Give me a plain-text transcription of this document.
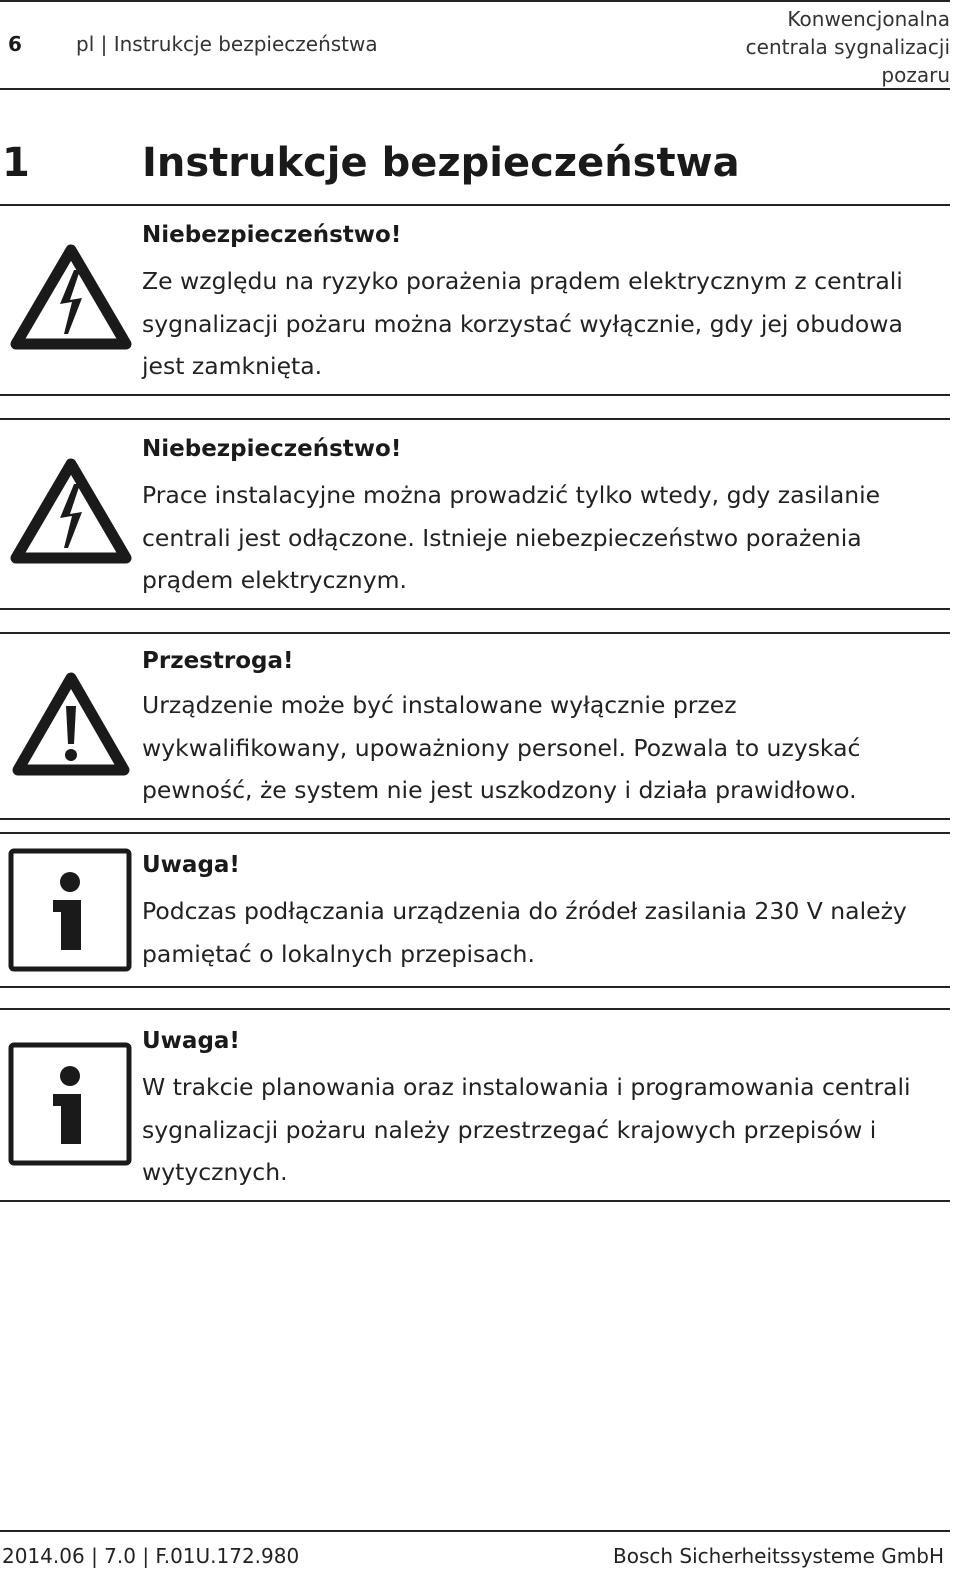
6	pl | Instrukcje bezpieczeństwa
Konwencjonalna
centrala sygnalizacji
pozaru
1	Instrukcje bezpieczeństwa
Niebezpieczeństwo!
Ze względu na ryzyko porażenia prądem elektrycznym z centrali sygnalizacji pożaru można korzystać wyłącznie, gdy jej obudowa jest zamknięta.
Niebezpieczeństwo!
Prace instalacyjne można prowadzić tylko wtedy, gdy zasilanie centrali jest odłączone. Istnieje niebezpieczeństwo porażenia prądem elektrycznym.
Przestroga!
Urządzenie może być instalowane wyłącznie przez wykwalifikowany, upoważniony personel. Pozwala to uzyskać pewność, że system nie jest uszkodzony i działa prawidłowo.
Uwaga!
Podczas podłączania urządzenia do źródeł zasilania 230 V należy pamiętać o lokalnych przepisach.
Uwaga!
W trakcie planowania oraz instalowania i programowania centrali sygnalizacji pożaru należy przestrzegać krajowych przepisów i wytycznych.
2014.06 | 7.0 | F.01U.172.980	Bosch Sicherheitssysteme GmbH
